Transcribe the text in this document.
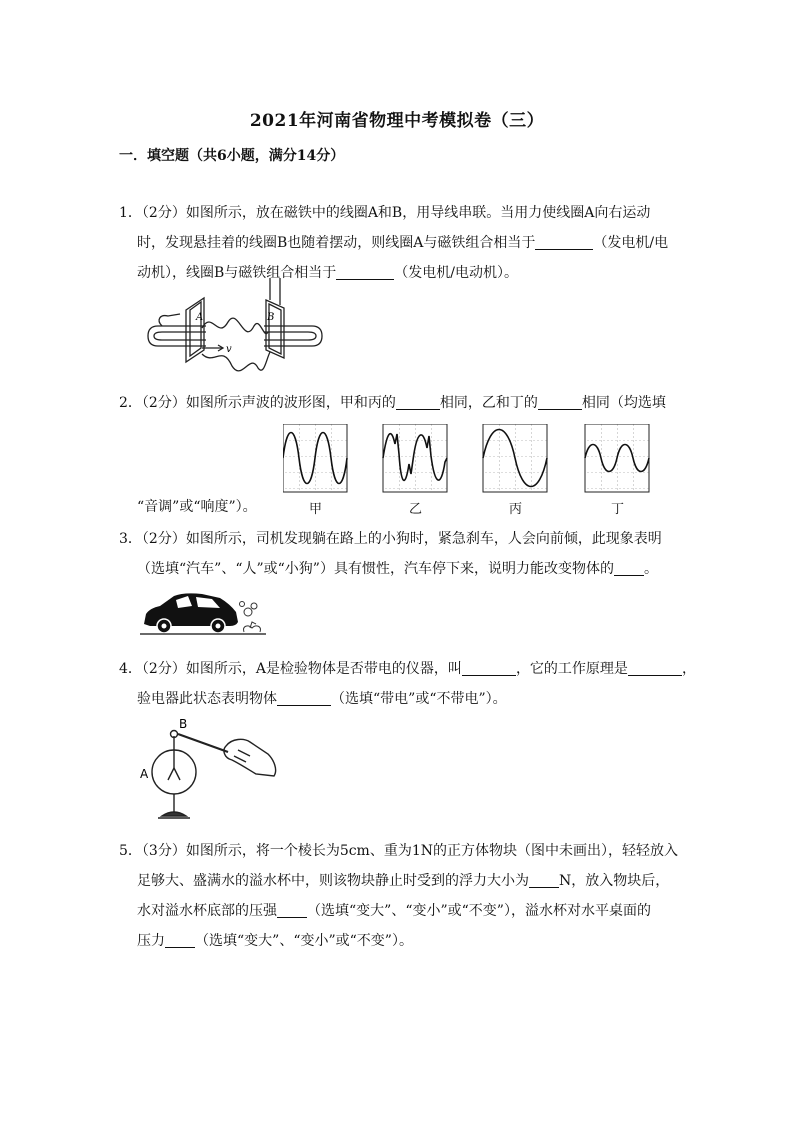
2021年河南省物理中考模拟卷（三）
一．填空题（共6小题，满分14分）
1．（2分）如图所示，放在磁铁中的线圈A和B，用导线串联。当用力使线圈A向右运动
时，发现悬挂着的线圈B也随着摆动，则线圈A与磁铁组合相当于	（发电机/电
动机），线圈B与磁铁组合相当于	（发电机/电动机）。
A	B
v
2．（2分）如图所示声波的波形图，甲和丙的	相同，乙和丁的	相同（均选填
“音调”或“响度”）。	甲	乙	丙	丁
3．（2分）如图所示，司机发现躺在路上的小狗时，紧急刹车，人会向前倾，此现象表明
（选填“汽车”、“人”或“小狗”）具有惯性，汽车停下来，说明力能改变物体的 。
4．（2分）如图所示，A是检验物体是否带电的仪器，叫	，它的工作原理是	，
验电器此状态表明物体	（选填“带电”或“不带电”）。
A
B
5．（3分）如图所示，将一个棱长为5cm、重为1N的正方体物块（图中未画出），轻轻放入
足够大、盛满水的溢水杯中，则该物块静止时受到的浮力大小为 N，放入物块后，
水对溢水杯底部的压强 （选填“变大”、“变小”或“不变”），溢水杯对水平桌面的
压力 （选填“变大”、“变小”或“不变”）。
